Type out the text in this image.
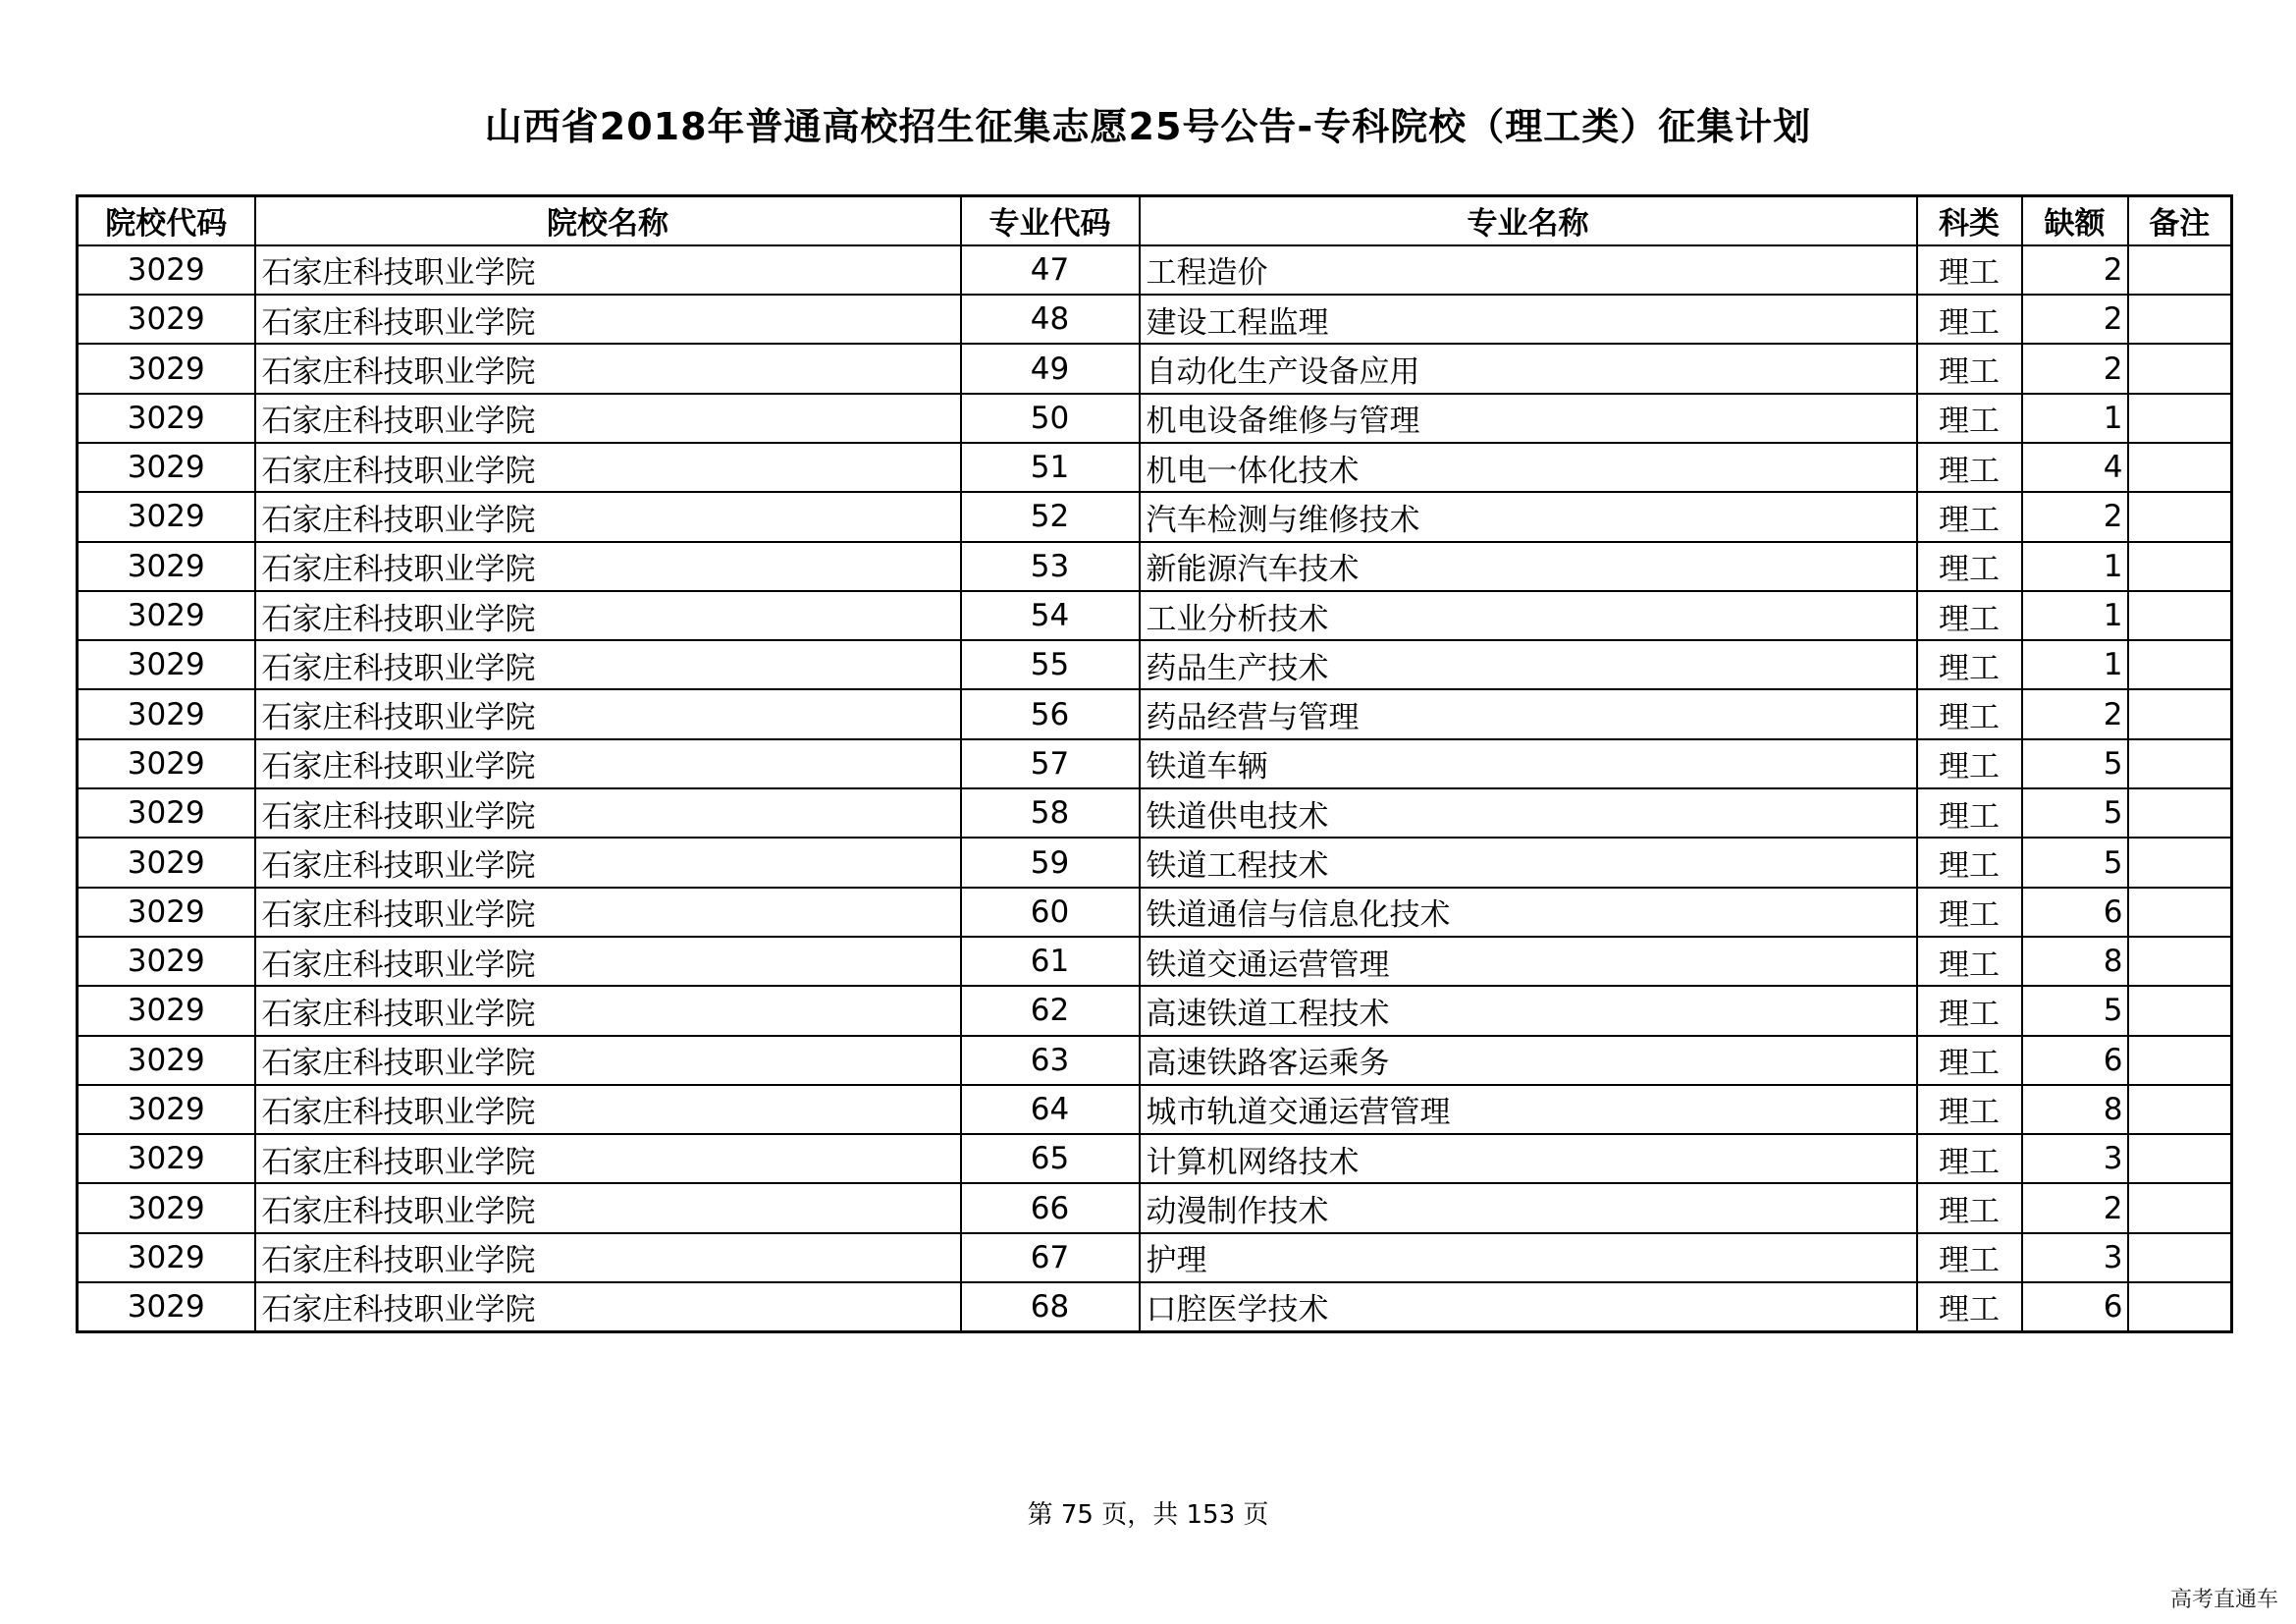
山西省2018年普通高校招生征集志愿25号公告-专科院校（理工类）征集计划
院校代码	院校名称	专业代码	专业名称	科类	缺额	备注
3029	石家庄科技职业学院	47	工程造价	理工	2	
3029	石家庄科技职业学院	48	建设工程监理	理工	2	
3029	石家庄科技职业学院	49	自动化生产设备应用	理工	2	
3029	石家庄科技职业学院	50	机电设备维修与管理	理工	1	
3029	石家庄科技职业学院	51	机电一体化技术	理工	4	
3029	石家庄科技职业学院	52	汽车检测与维修技术	理工	2	
3029	石家庄科技职业学院	53	新能源汽车技术	理工	1	
3029	石家庄科技职业学院	54	工业分析技术	理工	1	
3029	石家庄科技职业学院	55	药品生产技术	理工	1	
3029	石家庄科技职业学院	56	药品经营与管理	理工	2	
3029	石家庄科技职业学院	57	铁道车辆	理工	5	
3029	石家庄科技职业学院	58	铁道供电技术	理工	5	
3029	石家庄科技职业学院	59	铁道工程技术	理工	5	
3029	石家庄科技职业学院	60	铁道通信与信息化技术	理工	6	
3029	石家庄科技职业学院	61	铁道交通运营管理	理工	8	
3029	石家庄科技职业学院	62	高速铁道工程技术	理工	5	
3029	石家庄科技职业学院	63	高速铁路客运乘务	理工	6	
3029	石家庄科技职业学院	64	城市轨道交通运营管理	理工	8	
3029	石家庄科技职业学院	65	计算机网络技术	理工	3	
3029	石家庄科技职业学院	66	动漫制作技术	理工	2	
3029	石家庄科技职业学院	67	护理	理工	3	
3029	石家庄科技职业学院	68	口腔医学技术	理工	6	
第 75 页，共 153 页
高考直通车
